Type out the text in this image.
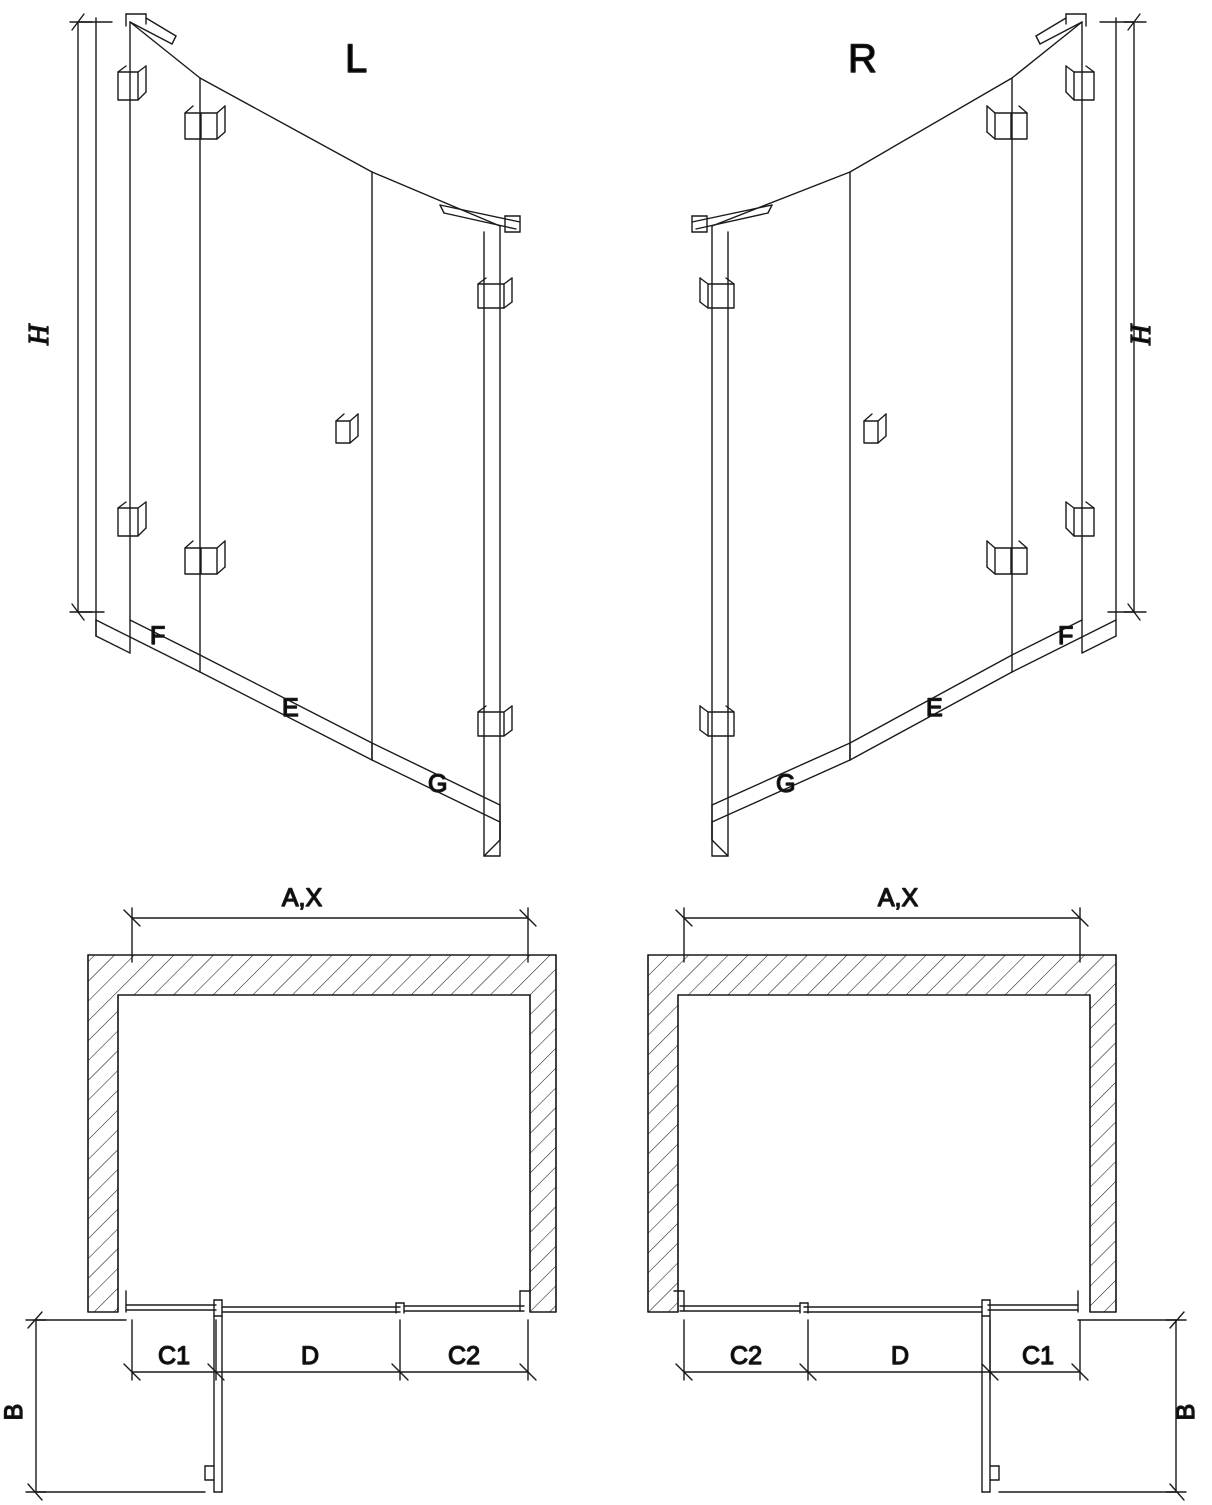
H
L
F
E
G
H
R
F
E
G
A,X
C1	D	C2
B
A,X
C2	D	C1
B
